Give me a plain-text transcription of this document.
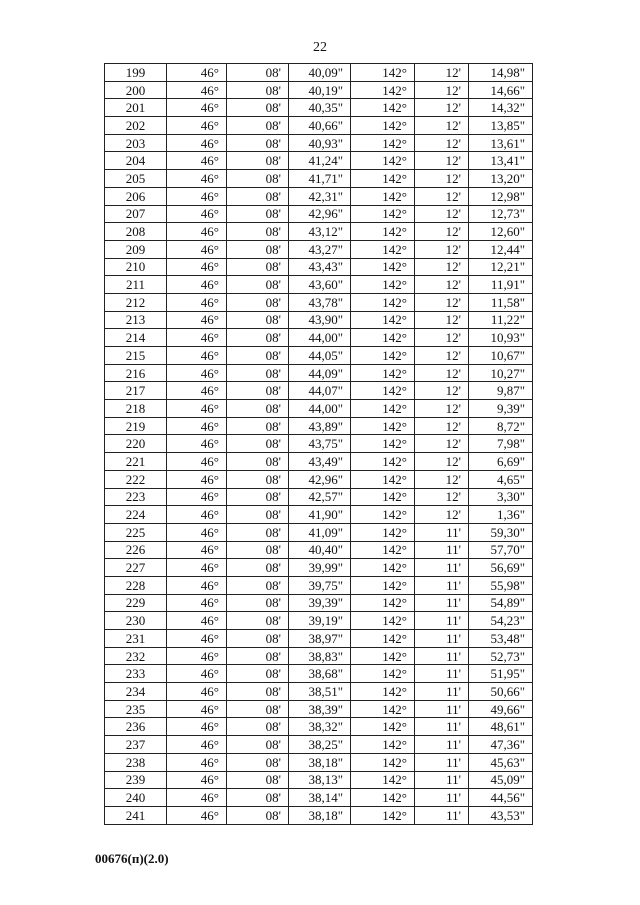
22
199	46°	08'	40,09"	142°	12'	14,98"
200	46°	08'	40,19"	142°	12'	14,66"
201	46°	08'	40,35"	142°	12'	14,32"
202	46°	08'	40,66"	142°	12'	13,85"
203	46°	08'	40,93"	142°	12'	13,61"
204	46°	08'	41,24"	142°	12'	13,41"
205	46°	08'	41,71"	142°	12'	13,20"
206	46°	08'	42,31"	142°	12'	12,98"
207	46°	08'	42,96"	142°	12'	12,73"
208	46°	08'	43,12"	142°	12'	12,60"
209	46°	08'	43,27"	142°	12'	12,44"
210	46°	08'	43,43"	142°	12'	12,21"
211	46°	08'	43,60"	142°	12'	11,91"
212	46°	08'	43,78"	142°	12'	11,58"
213	46°	08'	43,90"	142°	12'	11,22"
214	46°	08'	44,00"	142°	12'	10,93"
215	46°	08'	44,05"	142°	12'	10,67"
216	46°	08'	44,09"	142°	12'	10,27"
217	46°	08'	44,07"	142°	12'	9,87"
218	46°	08'	44,00"	142°	12'	9,39"
219	46°	08'	43,89"	142°	12'	8,72"
220	46°	08'	43,75"	142°	12'	7,98"
221	46°	08'	43,49"	142°	12'	6,69"
222	46°	08'	42,96"	142°	12'	4,65"
223	46°	08'	42,57"	142°	12'	3,30"
224	46°	08'	41,90"	142°	12'	1,36"
225	46°	08'	41,09"	142°	11'	59,30"
226	46°	08'	40,40"	142°	11'	57,70"
227	46°	08'	39,99"	142°	11'	56,69"
228	46°	08'	39,75"	142°	11'	55,98"
229	46°	08'	39,39"	142°	11'	54,89"
230	46°	08'	39,19"	142°	11'	54,23"
231	46°	08'	38,97"	142°	11'	53,48"
232	46°	08'	38,83"	142°	11'	52,73"
233	46°	08'	38,68"	142°	11'	51,95"
234	46°	08'	38,51"	142°	11'	50,66"
235	46°	08'	38,39"	142°	11'	49,66"
236	46°	08'	38,32"	142°	11'	48,61"
237	46°	08'	38,25"	142°	11'	47,36"
238	46°	08'	38,18"	142°	11'	45,63"
239	46°	08'	38,13"	142°	11'	45,09"
240	46°	08'	38,14"	142°	11'	44,56"
241	46°	08'	38,18"	142°	11'	43,53"
00676(п)(2.0)
